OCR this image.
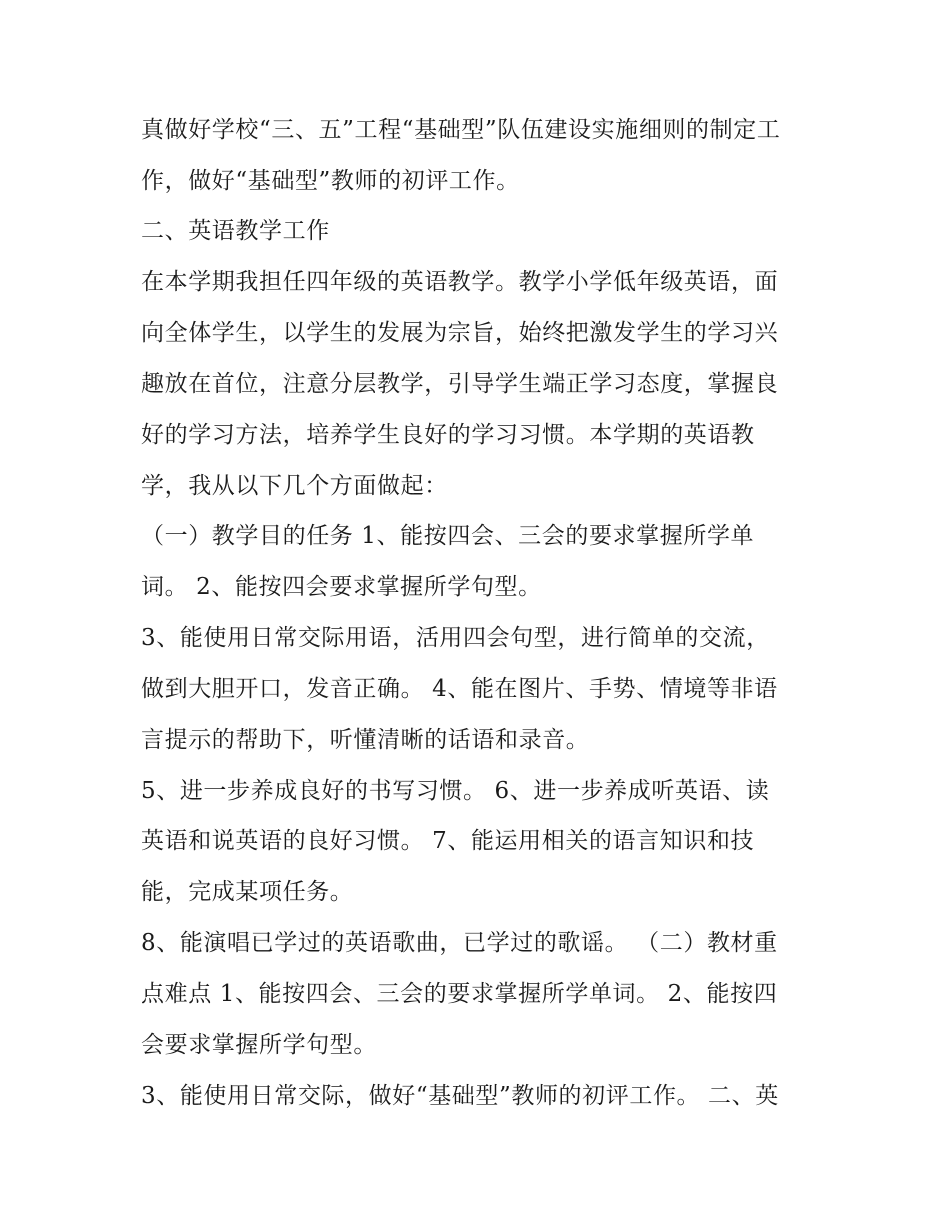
真做好学校“三、五”工程“基础型”队伍建设实施细则的制定工
作，做好“基础型”教师的初评工作。
二、英语教学工作
在本学期我担任四年级的英语教学。教学小学低年级英语，面
向全体学生，以学生的发展为宗旨，始终把激发学生的学习兴
趣放在首位，注意分层教学，引导学生端正学习态度，掌握良
好的学习方法，培养学生良好的学习习惯。本学期的英语教
学，我从以下几个方面做起：
（一）教学目的任务 1、能按四会、三会的要求掌握所学单
词。 2、能按四会要求掌握所学句型。
3、能使用日常交际用语，活用四会句型，进行简单的交流，
做到大胆开口，发音正确。 4、能在图片、手势、情境等非语
言提示的帮助下，听懂清晰的话语和录音。
5、进一步养成良好的书写习惯。 6、进一步养成听英语、读
英语和说英语的良好习惯。 7、能运用相关的语言知识和技
能，完成某项任务。
8、能演唱已学过的英语歌曲，已学过的歌谣。 （二）教材重
点难点 1、能按四会、三会的要求掌握所学单词。 2、能按四
会要求掌握所学句型。
3、能使用日常交际，做好“基础型”教师的初评工作。 二、英
